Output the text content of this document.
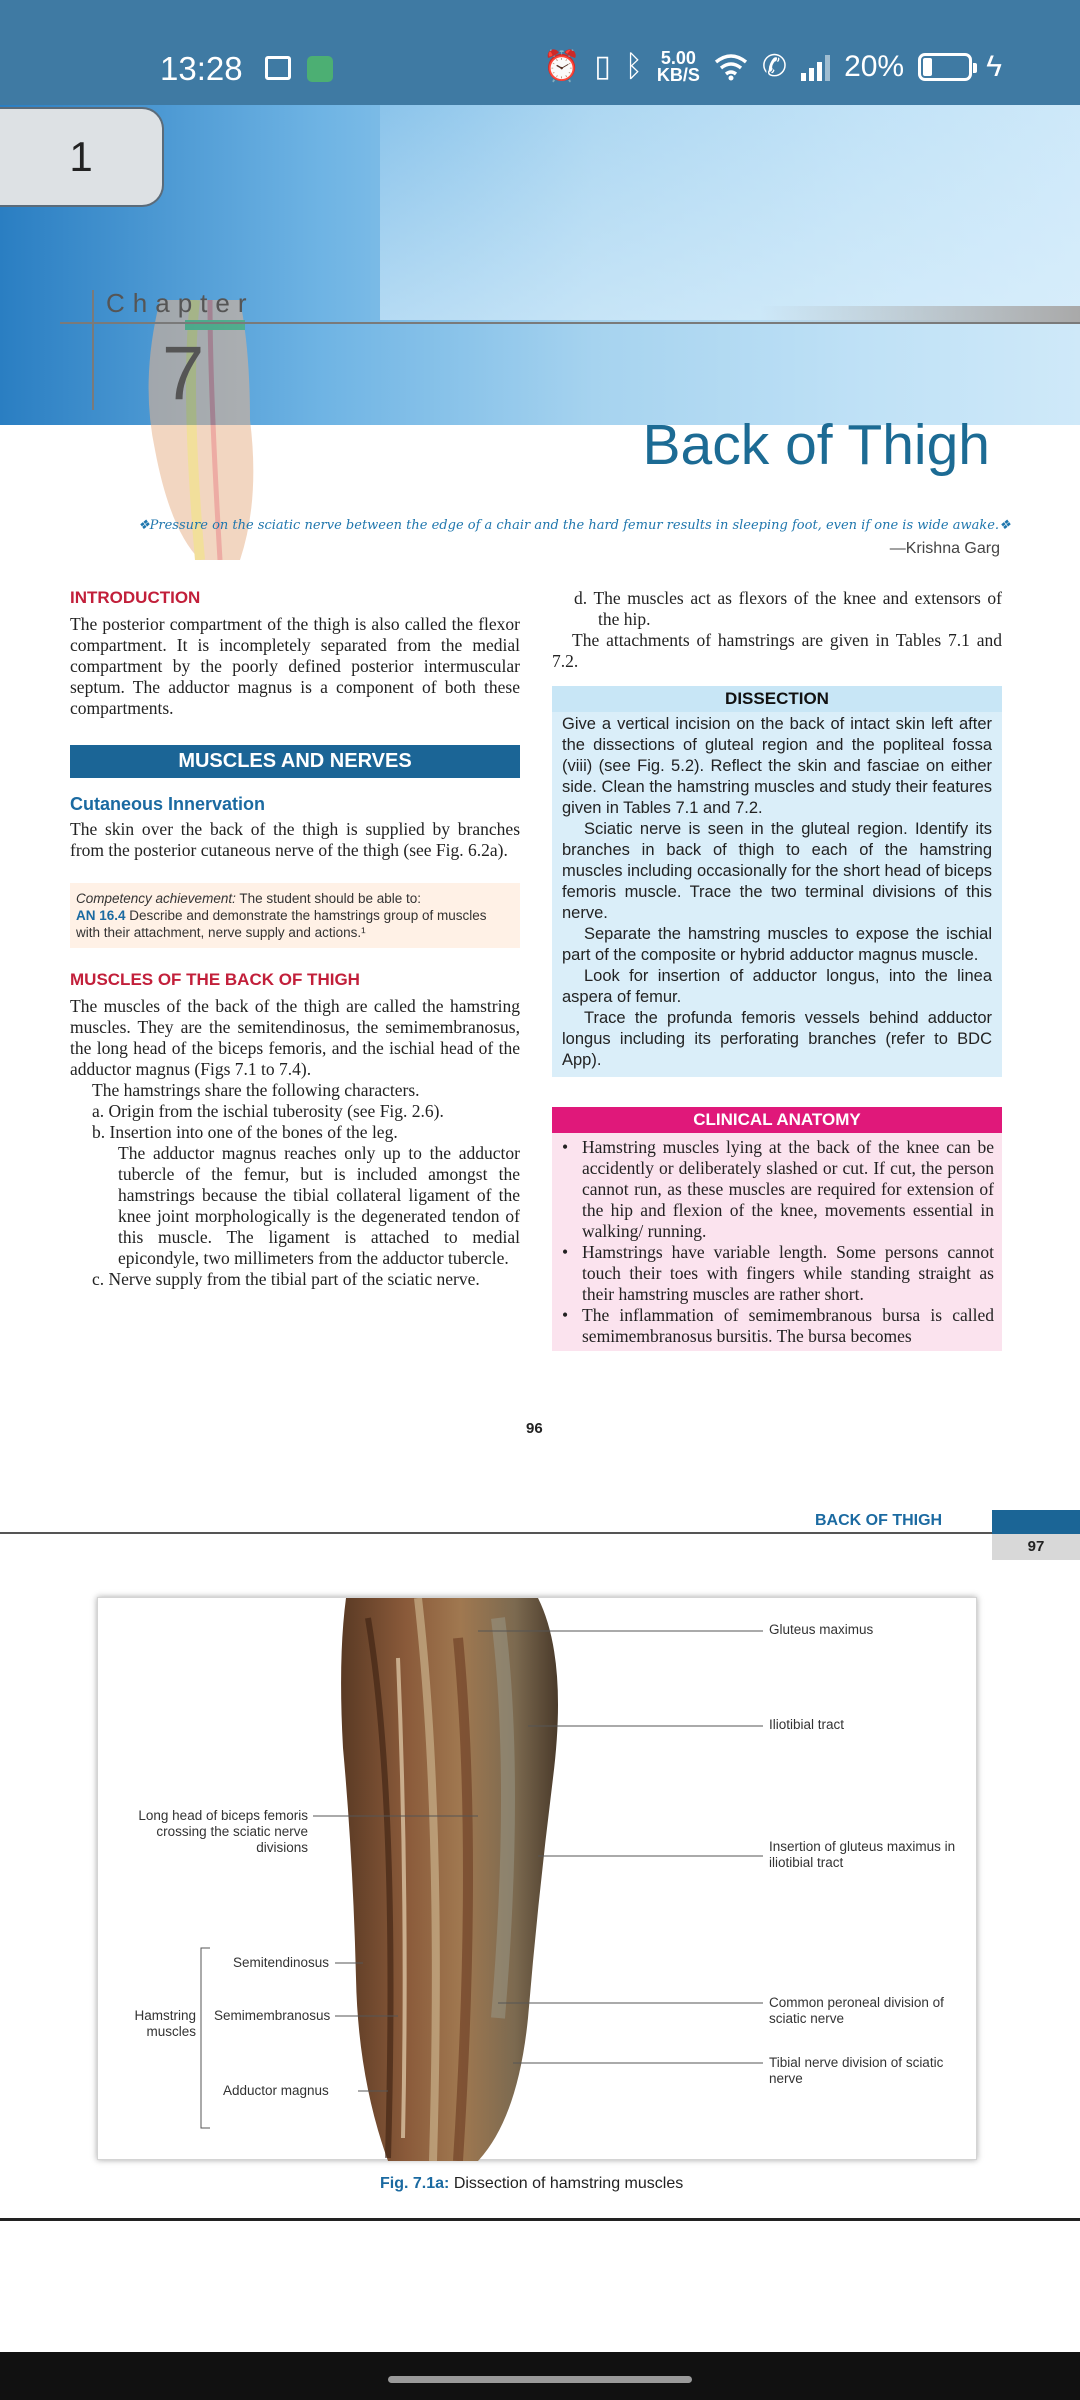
13:28	⏰ ▯ ᛒ 5.00
KB/S ✆ 20%	ϟ
1
Chapter
7
Back of Thigh
❖Pressure on the sciatic nerve between the edge of a chair and the hard femur results in sleeping foot, even if one is wide awake.❖
—Krishna Garg
INTRODUCTION
The posterior compartment of the thigh is also called the flexor compartment. It is incompletely separated from the medial compartment by the poorly defined posterior intermuscular septum. The adductor magnus is a component of both these compartments.
MUSCLES AND NERVES
Cutaneous Innervation
The skin over the back of the thigh is supplied by branches from the posterior cutaneous nerve of the thigh (see Fig. 6.2a).
Competency achievement: The student should be able to:
AN 16.4 Describe and demonstrate the hamstrings group of muscles with their attachment, nerve supply and actions.¹
MUSCLES OF THE BACK OF THIGH
The muscles of the back of the thigh are called the hamstring muscles. They are the semitendinosus, the semimembranosus, the long head of the biceps femoris, and the ischial head of the adductor magnus (Figs 7.1 to 7.4).
The hamstrings share the following characters.
a. Origin from the ischial tuberosity (see Fig. 2.6).
b. Insertion into one of the bones of the leg.
The adductor magnus reaches only up to the adductor tubercle of the femur, but is included amongst the hamstrings because the tibial collateral ligament of the knee joint morphologically is the degenerated tendon of this muscle. The ligament is attached to medial epicondyle, two millimeters from the adductor tubercle.
c. Nerve supply from the tibial part of the sciatic nerve.
d. The muscles act as flexors of the knee and extensors of the hip.
The attachments of hamstrings are given in Tables 7.1 and 7.2.
DISSECTION
Give a vertical incision on the back of intact skin left after the dissections of gluteal region and the popliteal fossa (viii) (see Fig. 5.2). Reflect the skin and fasciae on either side. Clean the hamstring muscles and study their features given in Tables 7.1 and 7.2.
Sciatic nerve is seen in the gluteal region. Identify its branches in back of thigh to each of the hamstring muscles including occasionally for the short head of biceps femoris muscle. Trace the two terminal divisions of this nerve.
Separate the hamstring muscles to expose the ischial part of the composite or hybrid adductor magnus muscle.
Look for insertion of adductor longus, into the linea aspera of femur.
Trace the profunda femoris vessels behind adductor longus including its perforating branches (refer to BDC App).
CLINICAL ANATOMY
• Hamstring muscles lying at the back of the knee can be accidently or deliberately slashed or cut. If cut, the person cannot run, as these muscles are required for extension of the hip and flexion of the knee, movements essential in walking/ running.
• Hamstrings have variable length. Some persons cannot touch their toes with fingers while standing straight as their hamstring muscles are rather short.
• The inflammation of semimembranous bursa is called semimembranosus bursitis. The bursa becomes
96
BACK OF THIGH
97
Gluteus maximus
Iliotibial tract
Insertion of gluteus maximus in iliotibial tract
Long head of biceps femoris crossing the sciatic nerve divisions
Semitendinosus
Semimembranosus
Adductor magnus
Hamstring muscles
Common peroneal division of sciatic nerve
Tibial nerve division of sciatic nerve
Fig. 7.1a: Dissection of hamstring muscles
